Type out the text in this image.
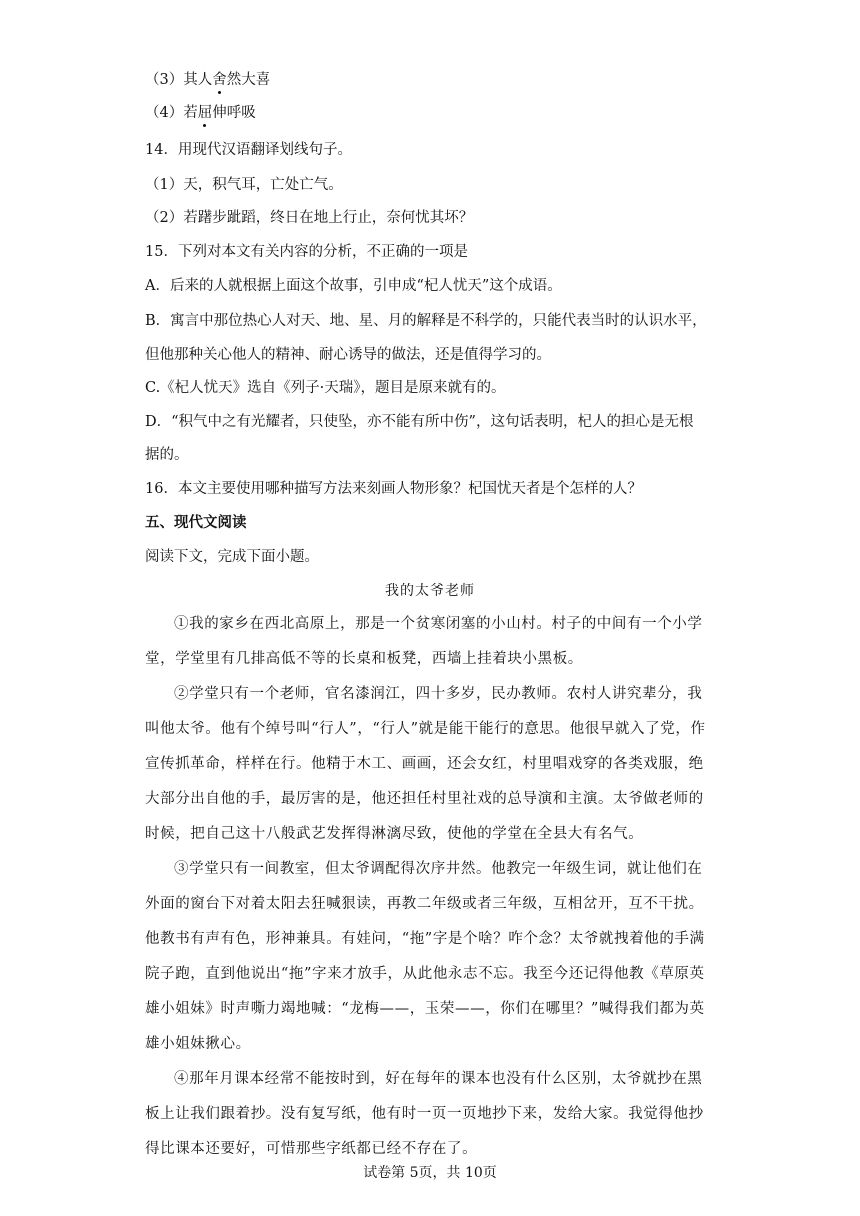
（3）其人舍然大喜
（4）若屈伸呼吸
14．用现代汉语翻译划线句子。
（1）天，积气耳，亡处亡气。
（2）若躇步跐蹈，终日在地上行止，奈何忧其坏？
15．下列对本文有关内容的分析，不正确的一项是
A．后来的人就根据上面这个故事，引申成“杞人忧天”这个成语。
B．寓言中那位热心人对天、地、星、月的解释是不科学的，只能代表当时的认识水平，
但他那种关心他人的精神、耐心诱导的做法，还是值得学习的。
C.《杞人忧天》选自《列子·天瑞》，题目是原来就有的。
D．“积气中之有光耀者，只使坠，亦不能有所中伤”，这句话表明，杞人的担心是无根
据的。
16．本文主要使用哪种描写方法来刻画人物形象？杞国忧天者是个怎样的人？
五、现代文阅读
阅读下文，完成下面小题。
我的太爷老师

①我的家乡在西北高原上，那是一个贫寒闭塞的小山村。村子的中间有一个小学堂，学堂里有几排高低不等的长桌和板凳，西墙上挂着块小黑板。

②学堂只有一个老师，官名漆润江，四十多岁，民办教师。农村人讲究辈分，我叫他太爷。他有个绰号叫“行人”，“行人”就是能干能行的意思。他很早就入了党，作宣传抓革命，样样在行。他精于木工、画画，还会女红，村里唱戏穿的各类戏服，绝大部分出自他的手，最厉害的是，他还担任村里社戏的总导演和主演。太爷做老师的时候，把自己这十八般武艺发挥得淋漓尽致，使他的学堂在全县大有名气。

③学堂只有一间教室，但太爷调配得次序井然。他教完一年级生词，就让他们在外面的窗台下对着太阳去狂喊狠读，再教二年级或者三年级，互相岔开，互不干扰。他教书有声有色，形神兼具。有娃问，“拖”字是个啥？咋个念？太爷就拽着他的手满院子跑，直到他说出“拖”字来才放手，从此他永志不忘。我至今还记得他教《草原英雄小姐妹》时声嘶力竭地喊：“龙梅——，玉荣——，你们在哪里？”喊得我们都为英雄小姐妹揪心。

④那年月课本经常不能按时到，好在每年的课本也没有什么区别，太爷就抄在黑板上让我们跟着抄。没有复写纸，他有时一页一页地抄下来，发给大家。我觉得他抄得比课本还要好，可惜那些字纸都已经不存在了。

试卷第 5页，共 10页
